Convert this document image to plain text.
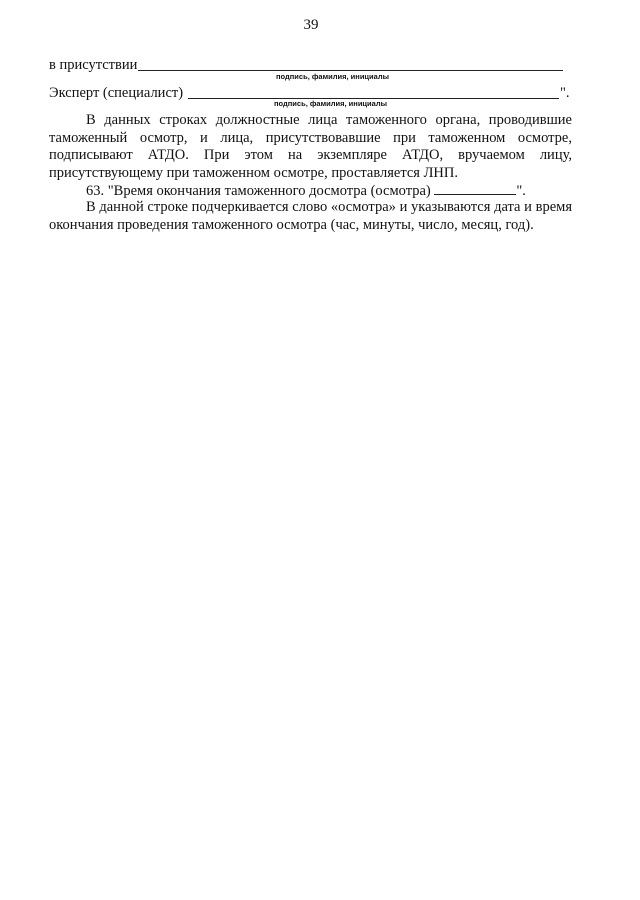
39
в присутствии
подпись, фамилия, инициалы
Эксперт (специалист)	".
подпись, фамилия, инициалы

В данных строках должностные лица таможенного органа, проводившие таможенный осмотр, и лица, присутствовавшие при таможенном осмотре, подписывают АТДО. При этом на экземпляре АТДО, вручаемом лицу, присутствующему при таможенном осмотре, проставляется ЛНП.

63. "Время окончания таможенного досмотра (осмотра)	".

В данной строке подчеркивается слово «осмотра» и указываются дата и время окончания проведения таможенного осмотра (час, минуты, число, месяц, год).
